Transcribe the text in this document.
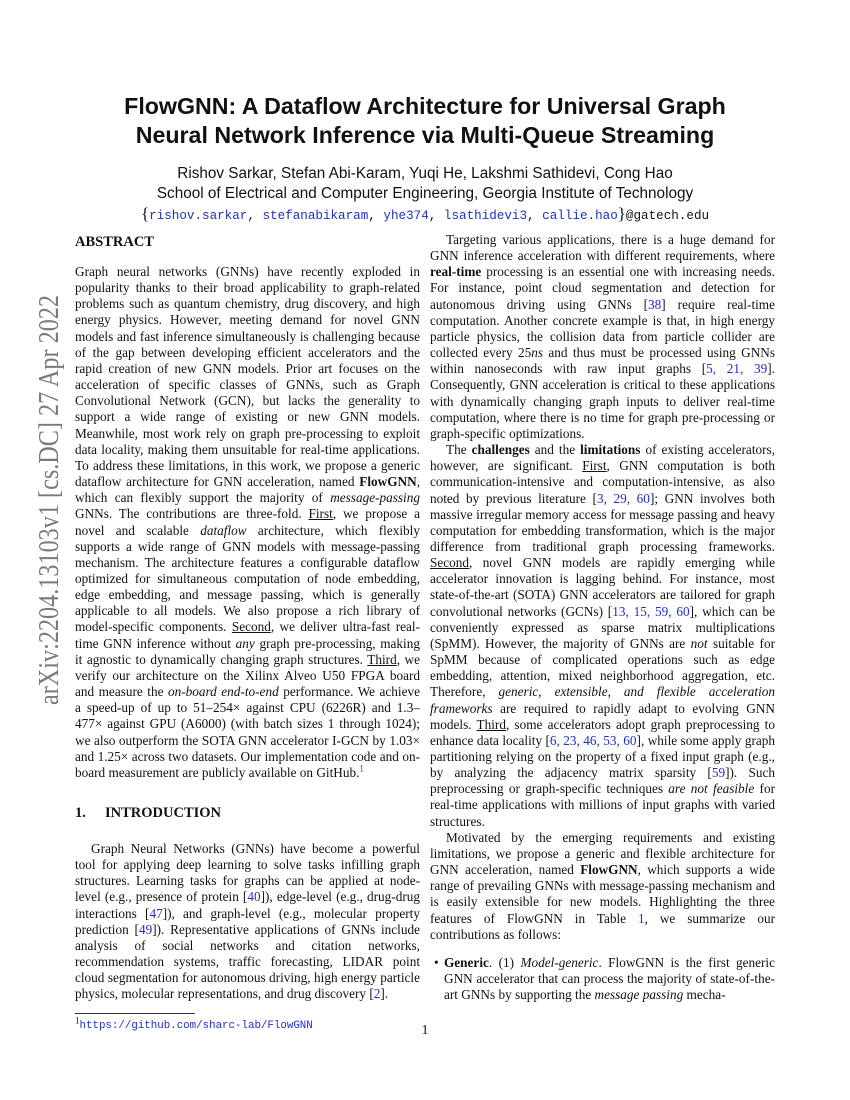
FlowGNN: A Dataflow Architecture for Universal Graph
Neural Network Inference via Multi-Queue Streaming
Rishov Sarkar, Stefan Abi-Karam, Yuqi He, Lakshmi Sathidevi, Cong Hao
School of Electrical and Computer Engineering, Georgia Institute of Technology
{rishov.sarkar, stefanabikaram, yhe374, lsathidevi3, callie.hao}@gatech.edu
arXiv:2204.13103v1 [cs.DC] 27 Apr 2022 ABSTRACT

Graph neural networks (GNNs) have recently exploded in popularity thanks to their broad applicability to graph-related problems such as quantum chemistry, drug discovery, and high energy physics. However, meeting demand for novel GNN models and fast inference simultaneously is challenging because of the gap between developing efficient accelerators and the rapid creation of new GNN models. Prior art focuses on the acceleration of specific classes of GNNs, such as Graph Convolutional Network (GCN), but lacks the generality to support a wide range of existing or new GNN models. Meanwhile, most work rely on graph pre-processing to exploit data locality, making them unsuitable for real-time applications. To address these limitations, in this work, we propose a generic dataflow architecture for GNN acceleration, named FlowGNN, which can flexibly support the majority of message-passing GNNs. The contributions are three-fold. First, we propose a novel and scalable dataflow architecture, which flexibly supports a wide range of GNN models with message-passing mechanism. The architecture features a configurable dataflow optimized for simultaneous computation of node embedding, edge embedding, and message passing, which is generally applicable to all models. We also propose a rich library of model-specific components. Second, we deliver ultra-fast real-time GNN inference without any graph pre-processing, making it agnostic to dynamically changing graph structures. Third, we verify our architecture on the Xilinx Alveo U50 FPGA board and measure the on-board end-to-end performance. We achieve a speed-up of up to 51–254× against CPU (6226R) and 1.3–477× against GPU (A6000) (with batch sizes 1 through 1024); we also outperform the SOTA GNN accelerator I-GCN by 1.03× and 1.25× across two datasets. Our implementation code and on-board measurement are publicly available on GitHub.$^1$

1. INTRODUCTION

Graph Neural Networks (GNNs) have become a powerful tool for applying deep learning to solve tasks infilling graph structures. Learning tasks for graphs can be applied at node-level (e.g., presence of protein [40]), edge-level (e.g., drug-drug interactions [47]), and graph-level (e.g., molecular property prediction [49]). Representative applications of GNNs include analysis of social networks and citation networks, recommendation systems, traffic forecasting, LIDAR point cloud segmentation for autonomous driving, high energy particle physics, molecular representations, and drug discovery [2].

$^1$https://github.com/sharc-lab/FlowGNN

Targeting various applications, there is a huge demand for GNN inference acceleration with different requirements, where real-time processing is an essential one with increasing needs. For instance, point cloud segmentation and detection for autonomous driving using GNNs [38] require real-time computation. Another concrete example is that, in high energy particle physics, the collision data from particle collider are collected every 25ns and thus must be processed using GNNs within nanoseconds with raw input graphs [5, 21, 39]. Consequently, GNN acceleration is critical to these applications with dynamically changing graph inputs to deliver real-time computation, where there is no time for graph pre-processing or graph-specific optimizations.

The challenges and the limitations of existing accelerators, however, are significant. First, GNN computation is both communication-intensive and computation-intensive, as also noted by previous literature [3, 29, 60]; GNN involves both massive irregular memory access for message passing and heavy computation for embedding transformation, which is the major difference from traditional graph processing frameworks. Second, novel GNN models are rapidly emerging while accelerator innovation is lagging behind. For instance, most state-of-the-art (SOTA) GNN accelerators are tailored for graph convolutional networks (GCNs) [13, 15, 59, 60], which can be conveniently expressed as sparse matrix multiplications (SpMM). However, the majority of GNNs are not suitable for SpMM because of complicated operations such as edge embedding, attention, mixed neighborhood aggregation, etc. Therefore, generic, extensible, and flexible acceleration frameworks are required to rapidly adapt to evolving GNN models. Third, some accelerators adopt graph preprocessing to enhance data locality [6, 23, 46, 53, 60], while some apply graph partitioning relying on the property of a fixed input graph (e.g., by analyzing the adjacency matrix sparsity [59]). Such preprocessing or graph-specific techniques are not feasible for real-time applications with millions of input graphs with varied structures.

Motivated by the emerging requirements and existing limitations, we propose a generic and flexible architecture for GNN acceleration, named FlowGNN, which supports a wide range of prevailing GNNs with message-passing mechanism and is easily extensible for new models. Highlighting the three features of FlowGNN in Table 1, we summarize our contributions as follows:

• Generic. (1) Model-generic. FlowGNN is the first generic GNN accelerator that can process the majority of state-of-the-art GNNs by supporting the message passing mecha-
1
